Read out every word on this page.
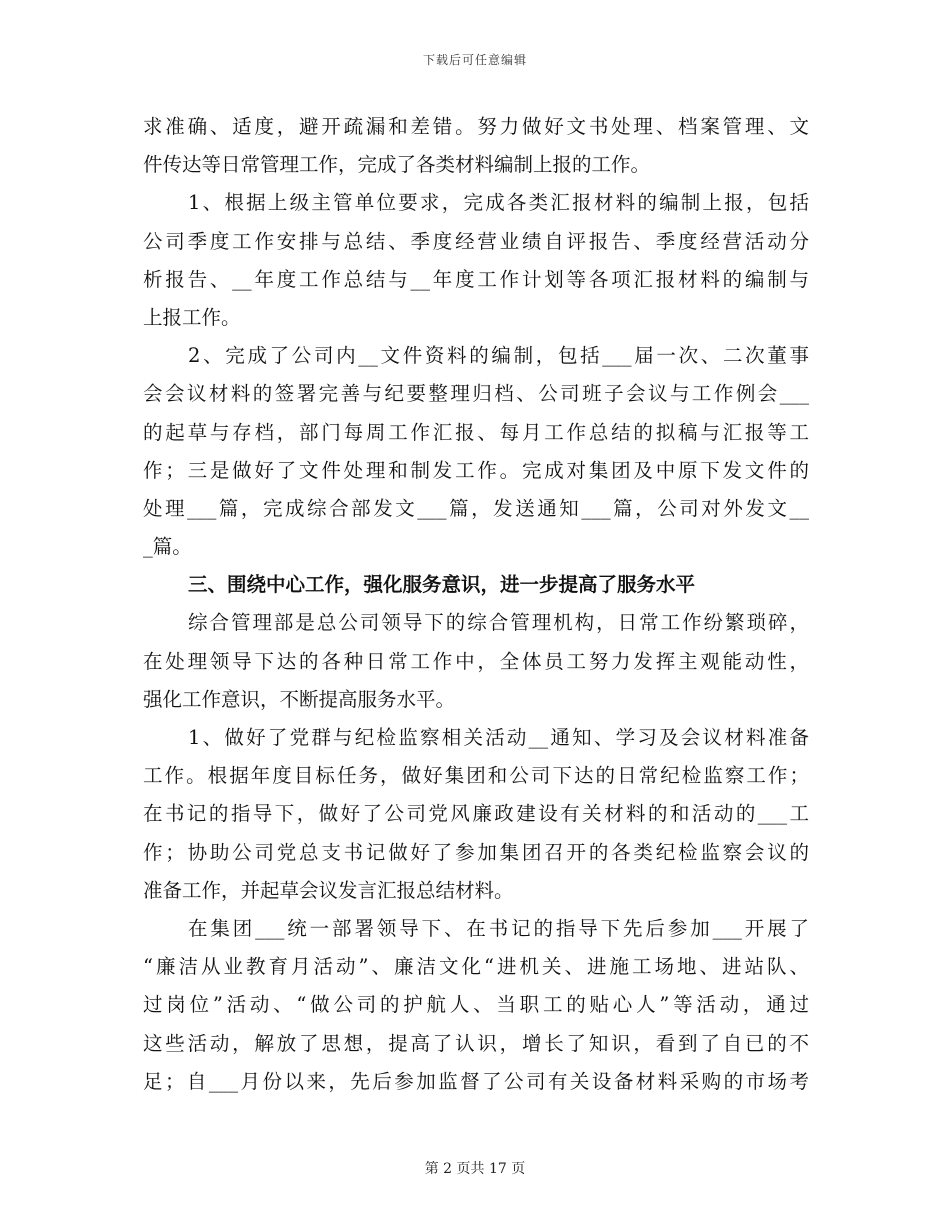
下载后可任意编辑
求准确、适度，避开疏漏和差错。努力做好文书处理、档案管理、文
件传达等日常管理工作，完成了各类材料编制上报的工作。
1、根据上级主管单位要求，完成各类汇报材料的编制上报，包括
公司季度工作安排与总结、季度经营业绩自评报告、季度经营活动分
析报告、__年度工作总结与__年度工作计划等各项汇报材料的编制与
上报工作。
2、完成了公司内__文件资料的编制，包括___届一次、二次董事
会会议材料的签署完善与纪要整理归档、公司班子会议与工作例会___
的起草与存档，部门每周工作汇报、每月工作总结的拟稿与汇报等工
作；三是做好了文件处理和制发工作。完成对集团及中原下发文件的
处理___篇，完成综合部发文___篇，发送通知___篇，公司对外发文__
_篇。
三、围绕中心工作，强化服务意识，进一步提高了服务水平
综合管理部是总公司领导下的综合管理机构，日常工作纷繁琐碎，
在处理领导下达的各种日常工作中，全体员工努力发挥主观能动性，
强化工作意识，不断提高服务水平。
1、做好了党群与纪检监察相关活动__通知、学习及会议材料准备
工作。根据年度目标任务，做好集团和公司下达的日常纪检监察工作；
在书记的指导下，做好了公司党风廉政建设有关材料的和活动的___工
作；协助公司党总支书记做好了参加集团召开的各类纪检监察会议的
准备工作，并起草会议发言汇报总结材料。
在集团___统一部署领导下、在书记的指导下先后参加___开展了
“廉洁从业教育月活动”、廉洁文化“进机关、进施工场地、进站队、
过岗位”活动、“做公司的护航人、当职工的贴心人”等活动，通过
这些活动，解放了思想，提高了认识，增长了知识，看到了自已的不
足；自___月份以来，先后参加监督了公司有关设备材料采购的市场考
第 2 页共 17 页
